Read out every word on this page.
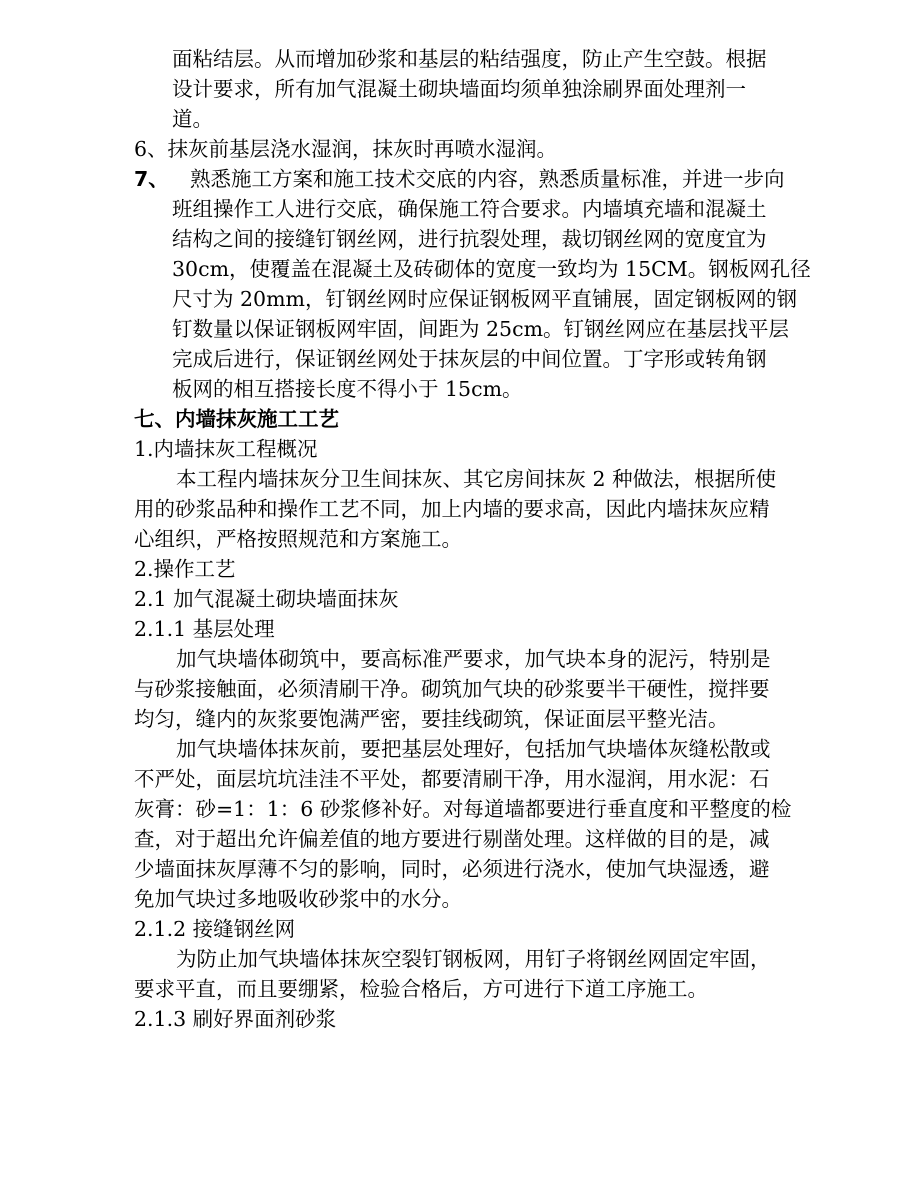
面粘结层。从而增加砂浆和基层的粘结强度，防止产生空鼓。根据
设计要求，所有加气混凝土砌块墙面均须单独涂刷界面处理剂一
道。
6、抹灰前基层浇水湿润，抹灰时再喷水湿润。
7、 熟悉施工方案和施工技术交底的内容，熟悉质量标准，并进一步向
班组操作工人进行交底，确保施工符合要求。内墙填充墙和混凝土
结构之间的接缝钉钢丝网，进行抗裂处理，裁切钢丝网的宽度宜为
30cm，使覆盖在混凝土及砖砌体的宽度一致均为 15CM。钢板网孔径
尺寸为 20mm，钉钢丝网时应保证钢板网平直铺展，固定钢板网的钢
钉数量以保证钢板网牢固，间距为 25cm。钉钢丝网应在基层找平层
完成后进行，保证钢丝网处于抹灰层的中间位置。丁字形或转角钢
板网的相互搭接长度不得小于 15cm。
七、内墙抹灰施工工艺
1.内墙抹灰工程概况
本工程内墙抹灰分卫生间抹灰、其它房间抹灰 2 种做法，根据所使
用的砂浆品种和操作工艺不同，加上内墙的要求高，因此内墙抹灰应精
心组织，严格按照规范和方案施工。
2.操作工艺
2.1 加气混凝土砌块墙面抹灰
2.1.1 基层处理
加气块墙体砌筑中，要高标准严要求，加气块本身的泥污，特别是
与砂浆接触面，必须清刷干净。砌筑加气块的砂浆要半干硬性，搅拌要
均匀，缝内的灰浆要饱满严密，要挂线砌筑，保证面层平整光洁。
加气块墙体抹灰前，要把基层处理好，包括加气块墙体灰缝松散或
不严处，面层坑坑洼洼不平处，都要清刷干净，用水湿润，用水泥：石
灰膏：砂=1：1：6 砂浆修补好。对每道墙都要进行垂直度和平整度的检
查，对于超出允许偏差值的地方要进行剔凿处理。这样做的目的是，减
少墙面抹灰厚薄不匀的影响，同时，必须进行浇水，使加气块湿透，避
免加气块过多地吸收砂浆中的水分。
2.1.2 接缝钢丝网
为防止加气块墙体抹灰空裂钉钢板网，用钉子将钢丝网固定牢固，
要求平直，而且要绷紧，检验合格后，方可进行下道工序施工。
2.1.3 刷好界面剂砂浆
